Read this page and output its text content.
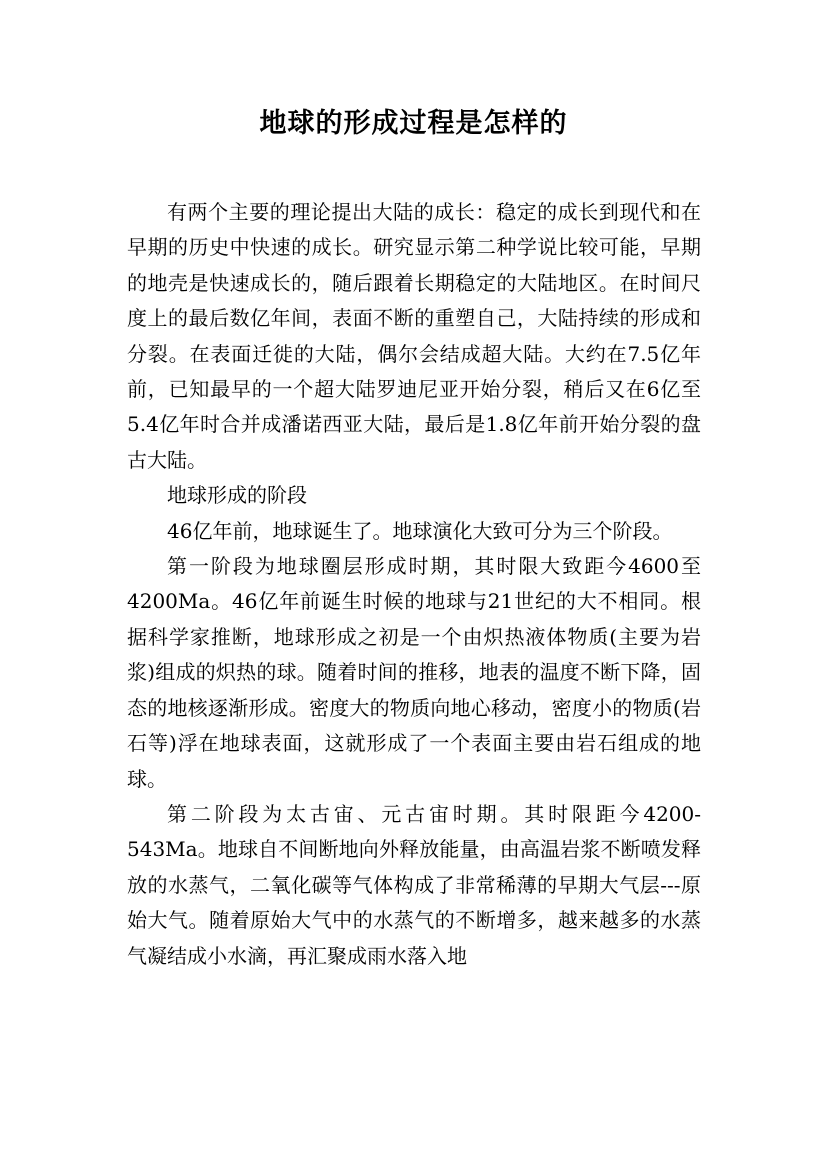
地球的形成过程是怎样的

有两个主要的理论提出大陆的成长：稳定的成长到现代和在早期的历史中快速的成长。研究显示第二种学说比较可能，早期的地壳是快速成长的，随后跟着长期稳定的大陆地区。在时间尺度上的最后数亿年间，表面不断的重塑自己，大陆持续的形成和分裂。在表面迁徙的大陆，偶尔会结成超大陆。大约在7.5亿年前，已知最早的一个超大陆罗迪尼亚开始分裂，稍后又在6亿至5.4亿年时合并成潘诺西亚大陆，最后是1.8亿年前开始分裂的盘古大陆。

地球形成的阶段

46亿年前，地球诞生了。地球演化大致可分为三个阶段。

第一阶段为地球圈层形成时期，其时限大致距今4600至4200Ma。46亿年前诞生时候的地球与21世纪的大不相同。根据科学家推断，地球形成之初是一个由炽热液体物质(主要为岩浆)组成的炽热的球。随着时间的推移，地表的温度不断下降，固态的地核逐渐形成。密度大的物质向地心移动，密度小的物质(岩石等)浮在地球表面，这就形成了一个表面主要由岩石组成的地球。

第二阶段为太古宙、元古宙时期。其时限距今4200-543Ma。地球自不间断地向外释放能量，由高温岩浆不断喷发释放的水蒸气，二氧化碳等气体构成了非常稀薄的早期大气层---原始大气。随着原始大气中的水蒸气的不断增多，越来越多的水蒸气凝结成小水滴，再汇聚成雨水落入地
